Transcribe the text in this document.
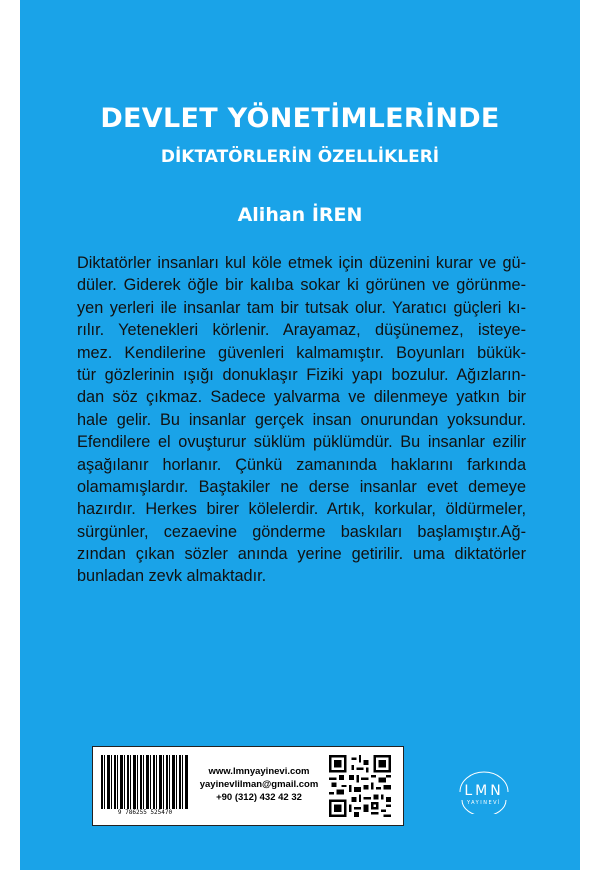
DEVLET YÖNETİMLERİNDE
DİKTATÖRLERİN ÖZELLİKLERİ
Alihan İREN
Diktatörler insanları kul köle etmek için düzenini kurar ve gü-
düler. Giderek öğle bir kalıba sokar ki görünen ve görünme-
yen yerleri ile insanlar tam bir tutsak olur. Yaratıcı güçleri kı-
rılır. Yetenekleri körlenir. Arayamaz, düşünemez, isteye-
mez. Kendilerine güvenleri kalmamıştır. Boyunları bükük-
tür gözlerinin ışığı donuklaşır Fiziki yapı bozulur. Ağızların-
dan söz çıkmaz. Sadece yalvarma ve dilenmeye yatkın bir
hale gelir. Bu insanlar gerçek insan onurundan yoksundur.
Efendilere el ovuşturur süklüm püklümdür. Bu insanlar ezilir
aşağılanır horlanır. Çünkü zamanında haklarını farkında
olamamışlardır. Baştakiler ne derse insanlar evet demeye
hazırdır. Herkes birer kölelerdir. Artık, korkular, öldürmeler,
sürgünler, cezaevine gönderme baskıları başlamıştır.Ağ-
zından çıkan sözler anında yerine getirilir. uma diktatörler
bunladan zevk almaktadır.
LMN
YAYINEVİ
9 786255 525470
www.lmnyayinevi.com
yayinevlilman@gmail.com
+90 (312) 432 42 32
